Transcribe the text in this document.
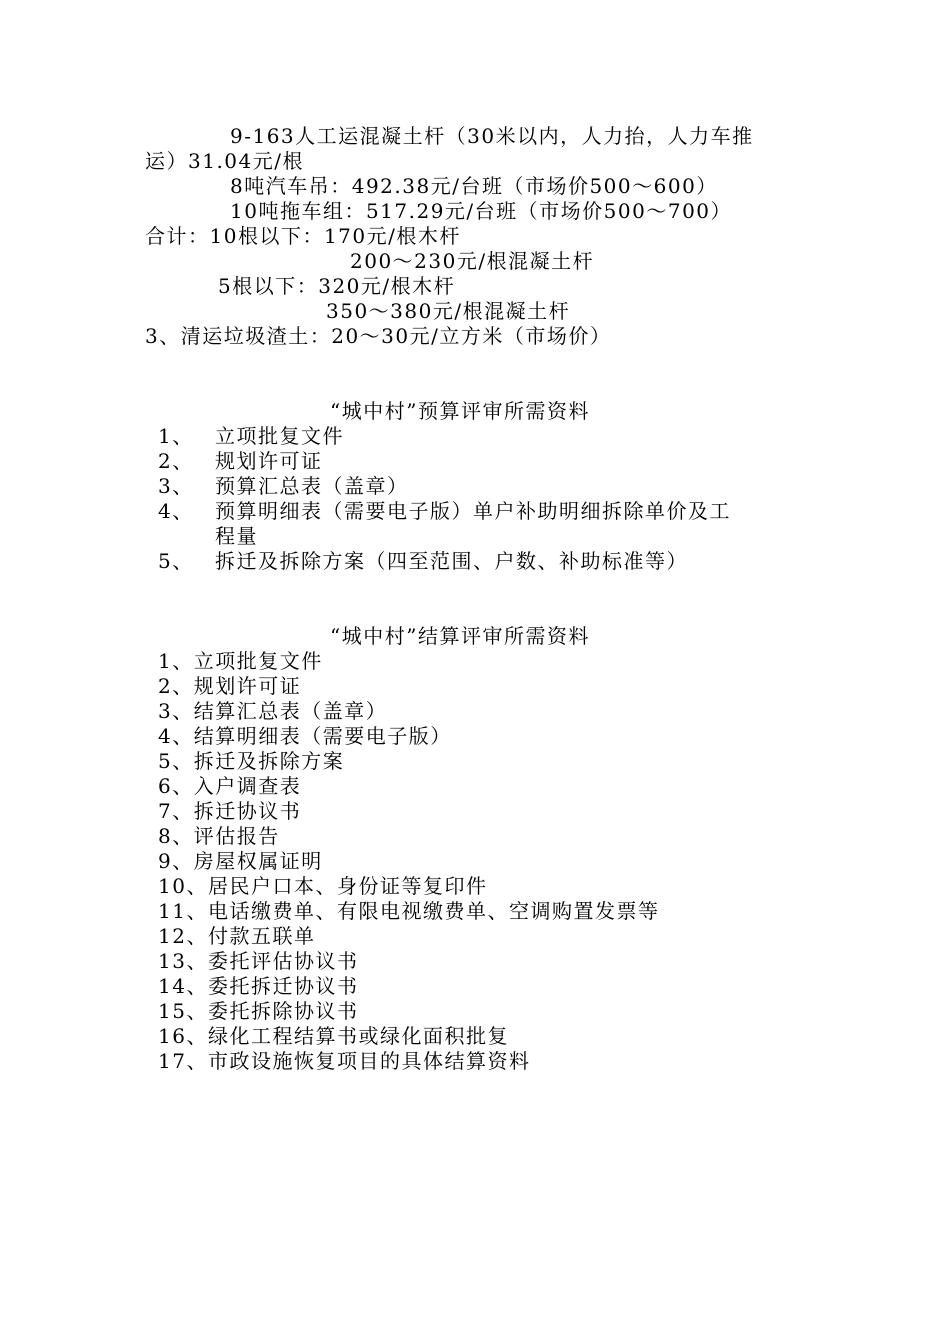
9-163人工运混凝土杆（30米以内，人力抬，人力车推
运）31.04元/根
8吨汽车吊：492.38元/台班（市场价500～600）
10吨拖车组：517.29元/台班（市场价500～700）
合计：10根以下：170元/根木杆
200～230元/根混凝土杆
5根以下：320元/根木杆
350～380元/根混凝土杆
3、清运垃圾渣土：20～30元/立方米（市场价）
“城中村”预算评审所需资料
1、 立项批复文件
2、 规划许可证
3、 预算汇总表（盖章）
4、 预算明细表（需要电子版）单户补助明细拆除单价及工
程量
5、 拆迁及拆除方案（四至范围、户数、补助标准等）
“城中村”结算评审所需资料
1、立项批复文件
2、规划许可证
3、结算汇总表（盖章）
4、结算明细表（需要电子版）
5、拆迁及拆除方案
6、入户调查表
7、拆迁协议书
8、评估报告
9、房屋权属证明
10、居民户口本、身份证等复印件
11、电话缴费单、有限电视缴费单、空调购置发票等
12、付款五联单
13、委托评估协议书
14、委托拆迁协议书
15、委托拆除协议书
16、绿化工程结算书或绿化面积批复
17、市政设施恢复项目的具体结算资料
